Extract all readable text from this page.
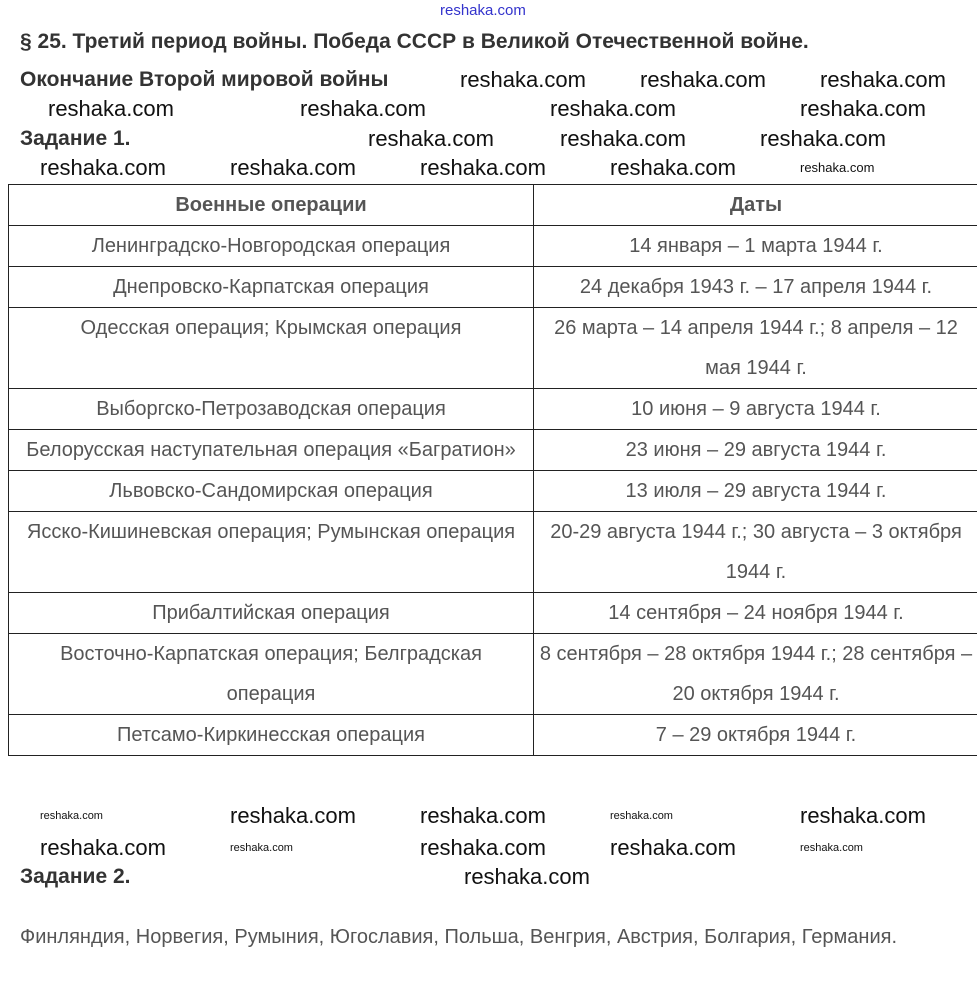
§ 25. Третий период войны. Победа СССР в Великой Отечественной войне.
Окончание Второй мировой войны
Задание 1.
Военные операции	Даты
Ленинградско-Новгородская операция	14 января – 1 марта 1944 г.
Днепровско-Карпатская операция	24 декабря 1943 г. – 17 апреля 1944 г.
Одесская операция; Крымская операция	26 марта – 14 апреля 1944 г.; 8 апреля – 12 мая 1944 г.
Выборгско-Петрозаводская операция	10 июня – 9 августа 1944 г.
Белорусская наступательная операция «Багратион»	23 июня – 29 августа 1944 г.
Львовско-Сандомирская операция	13 июля – 29 августа 1944 г.
Ясско-Кишиневская операция; Румынская операция	20-29 августа 1944 г.; 30 августа – 3 октября 1944 г.
Прибалтийская операция	14 сентября – 24 ноября 1944 г.
Восточно-Карпатская операция; Белградская операция	8 сентября – 28 октября 1944 г.; 28 сентября – 20 октября 1944 г.
Петсамо-Киркинесская операция	7 – 29 октября 1944 г.
Задание 2.

Финляндия, Норвегия, Румыния, Югославия, Польша, Венгрия, Австрия, Болгария, Германия.

reshaka.com
reshaka.com reshaka.com reshaka.com
reshaka.com	reshaka.com	reshaka.com	reshaka.com
reshaka.com	reshaka.com	reshaka.com
reshaka.com	reshaka.com	reshaka.com	reshaka.com	reshaka.com
reshaka.com	reshaka.com	reshaka.com	reshaka.com	reshaka.com
reshaka.com	reshaka.com	reshaka.com	reshaka.com	reshaka.com
reshaka.com
